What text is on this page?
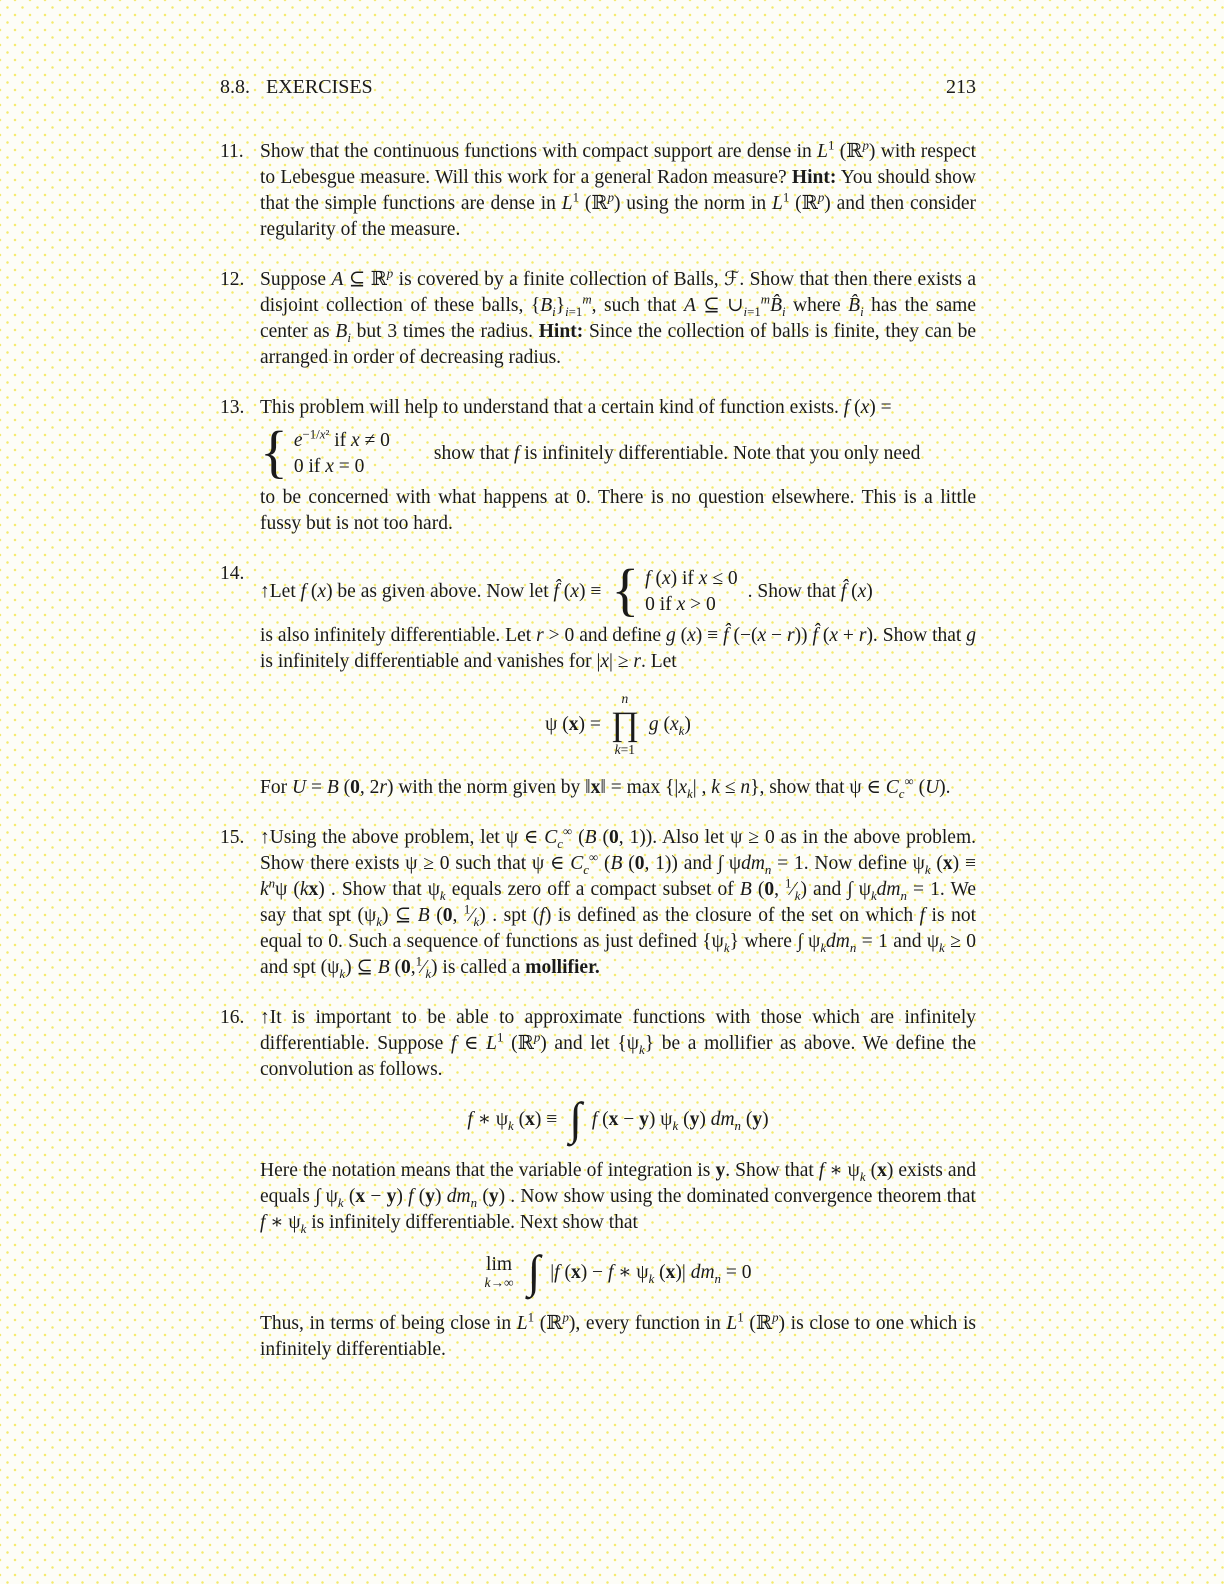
8.8. EXERCISES	213
11. Show that the continuous functions with compact support are dense in $L^1$ (ℝ$^p$) with respect to Lebesgue measure. Will this work for a general Radon measure? Hint: You should show that the simple functions are dense in $L^1$ (ℝ$^p$) using the norm in $L^1$ (ℝ$^p$) and then consider regularity of the measure.

12. Suppose A ⊆ ℝ$^p$ is covered by a finite collection of Balls, ℱ. Show that then there exists a disjoint collection of these balls, $\{B_i\}_{i=1}^m$, such that A ⊆ $\cup_{i=1}^mB̂_i$ where $B̂_i$ has the same center as $B_i$ but 3 times the radius. Hint: Since the collection of balls is finite, they can be arranged in order of decreasing radius.

13. This problem will help to understand that a certain kind of function exists. f (x) =

{ $e^{-1/x^2}$ if x ≠ 0
0 if x = 0
show that f is infinitely differentiable. Note that you only need

to be concerned with what happens at 0. There is no question elsewhere. This is a little fussy but is not too hard.

14.
↑Let f (x) be as given above. Now let f̂ (x) ≡ { f (x) if x ≤ 0
0 if x > 0
. Show that f̂ (x)

is also infinitely differentiable. Let r > 0 and define g (x) ≡ f̂ (−(x − r)) f̂ (x + r). Show that g is infinitely differentiable and vanishes for |x| ≥ r. Let

ψ (x) =
n
∏
k=1
g $(x_k)$

For U = B (0, 2r) with the norm given by ‖x‖ = $\max \{|x_k|$ , k ≤ n}, show that ψ ∈ $C_c^\infty$ (U).

15. ↑Using the above problem, let ψ ∈ $C_c^\infty$ (B (0, 1)). Also let ψ ≥ 0 as in the above problem. Show there exists ψ ≥ 0 such that ψ ∈ $C_c^\infty$ (B (0, 1)) and ∫ ψdm$_n$ = 1. Now define $\psi_k$ $(x) \equiv k^n\psi$ (kx) . Show that $\psi_k$ equals zero off a compact subset of B (0, $^1⁄_k$) and ∫ $\psi_kdm_n = 1$. We say that spt $(\psi_k)$ ⊆ B (0, $^1⁄_k$) . spt (f) is defined as the closure of the set on which f is not equal to 0. Such a sequence of functions as just defined $\{\psi_k\}$ where ∫ $\psi_kdm_n = 1$ and $\psi_k \ge 0$ and spt $(\psi_k)$ ⊆ B $(0,^1⁄_k)$ is called a mollifier.

16. ↑It is important to be able to approximate functions with those which are infinitely differentiable. Suppose f ∈ $L^1$ (ℝ$^p$) and let $\{\psi_k\}$ be a mollifier as above. We define the convolution as follows.

f ∗ $\psi_k$ (x) ≡ ∫ f (x − y) $\psi_k$ (y) $dm_n$ (y)

Here the notation means that the variable of integration is y. Show that f ∗ $\psi_k$ (x) exists and equals ∫ $\psi_k$ (x − y) f (y) $dm_n$ (y) . Now show using the dominated convergence theorem that f ∗ $\psi_k$ is infinitely differentiable. Next show that

lim
k→∞ ∫ |f (x) − f ∗ $\psi_k$ (x)| $dm_n = 0$

Thus, in terms of being close in $L^1$ (ℝ$^p$), every function in $L^1$ (ℝ$^p$) is close to one which is infinitely differentiable.
